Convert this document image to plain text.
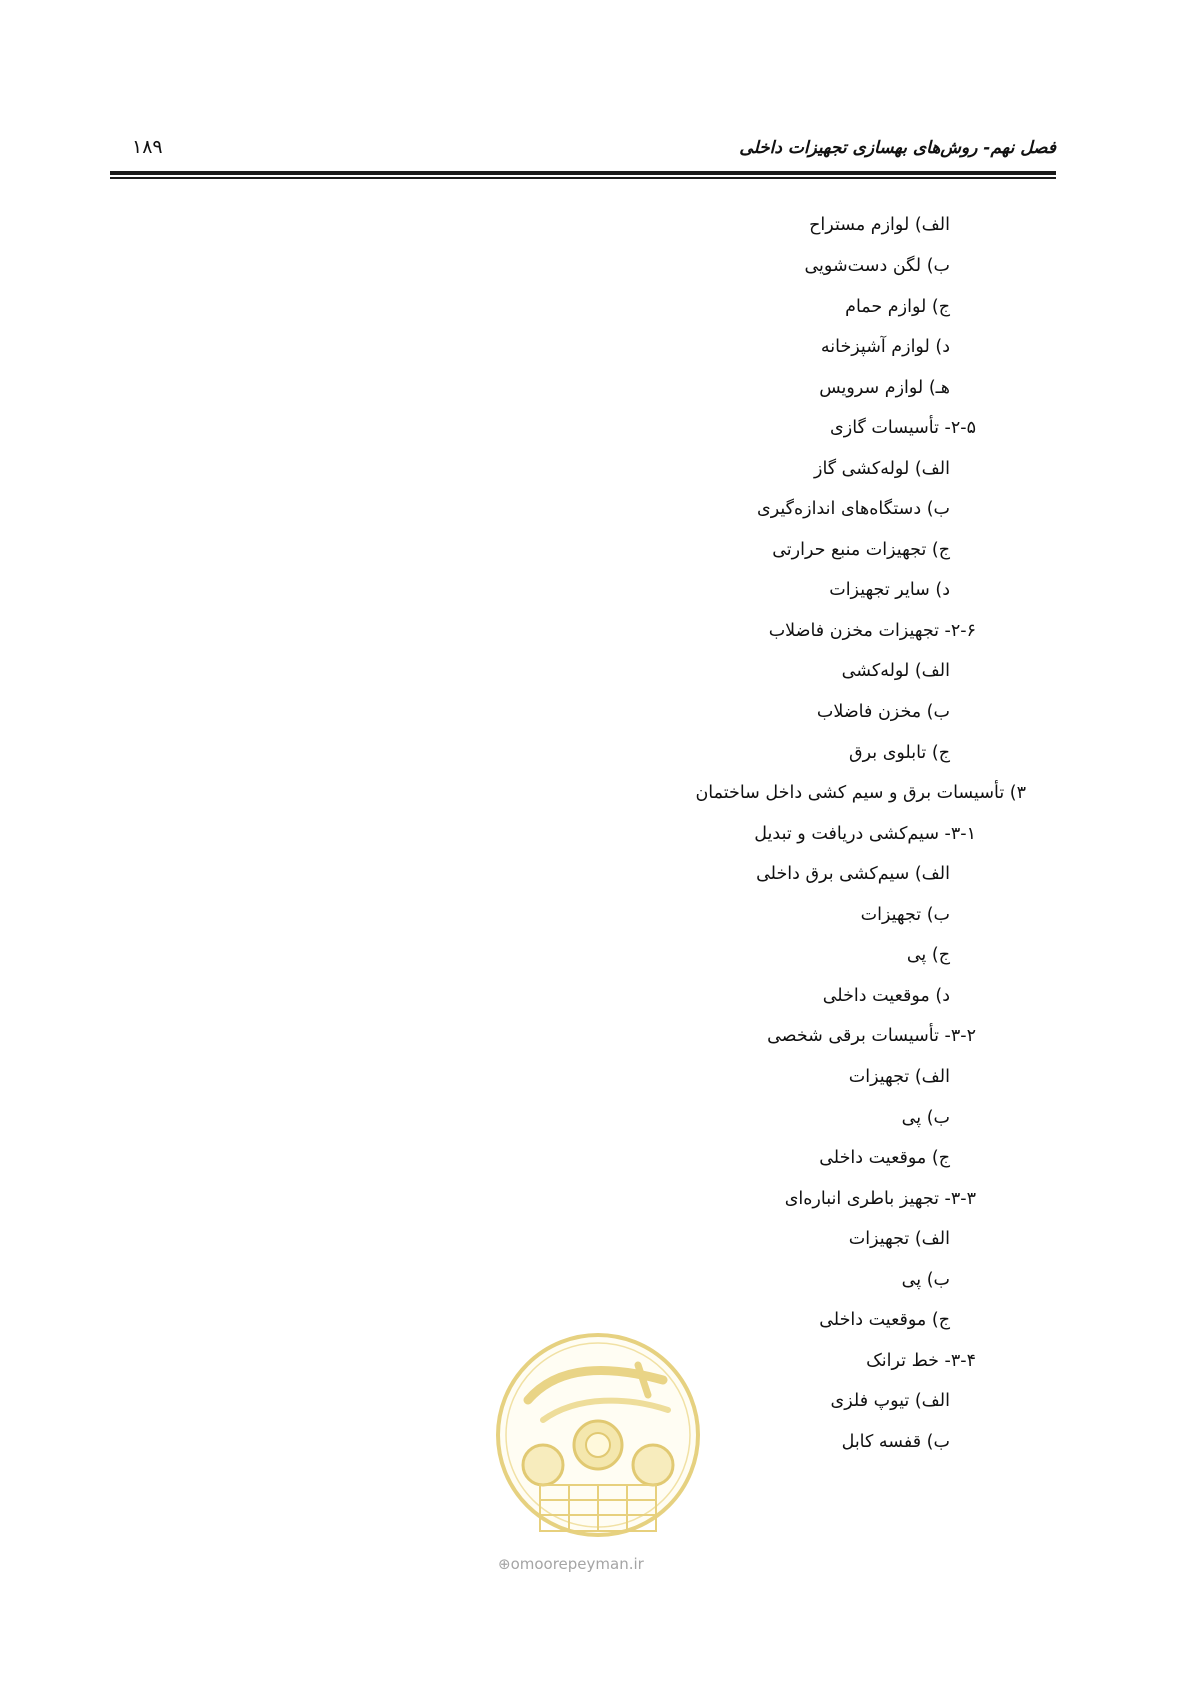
۱۸۹	فصل نهم- روش‌های بهسازی تجهیزات داخلی
الف) لوازم مستراح
ب) لگن دست‌شویی
ج) لوازم حمام
د) لوازم آشپزخانه
هـ) لوازم سرویس
۲-۵- تأسیسات گازی
الف) لوله‌کشی گاز
ب) دستگاه‌های اندازه‌گیری
ج) تجهیزات منبع حرارتی
د) سایر تجهیزات
۲-۶- تجهیزات مخزن فاضلاب
الف) لوله‌کشی
ب) مخزن فاضلاب
ج) تابلوی برق
۳) تأسیسات برق و سیم کشی داخل ساختمان
۳-۱- سیم‌کشی دریافت و تبدیل
الف) سیم‌کشی برق داخلی
ب) تجهیزات
ج) پی
د) موقعیت داخلی
۳-۲- تأسیسات برقی شخصی
الف) تجهیزات
ب) پی
ج) موقعیت داخلی
۳-۳- تجهیز باطری انباره‌ای
الف) تجهیزات
ب) پی
ج) موقعیت داخلی
۳-۴- خط ترانک
الف) تیوپ فلزی
ب) قفسه کابل
⊕omoorepeyman.ir
